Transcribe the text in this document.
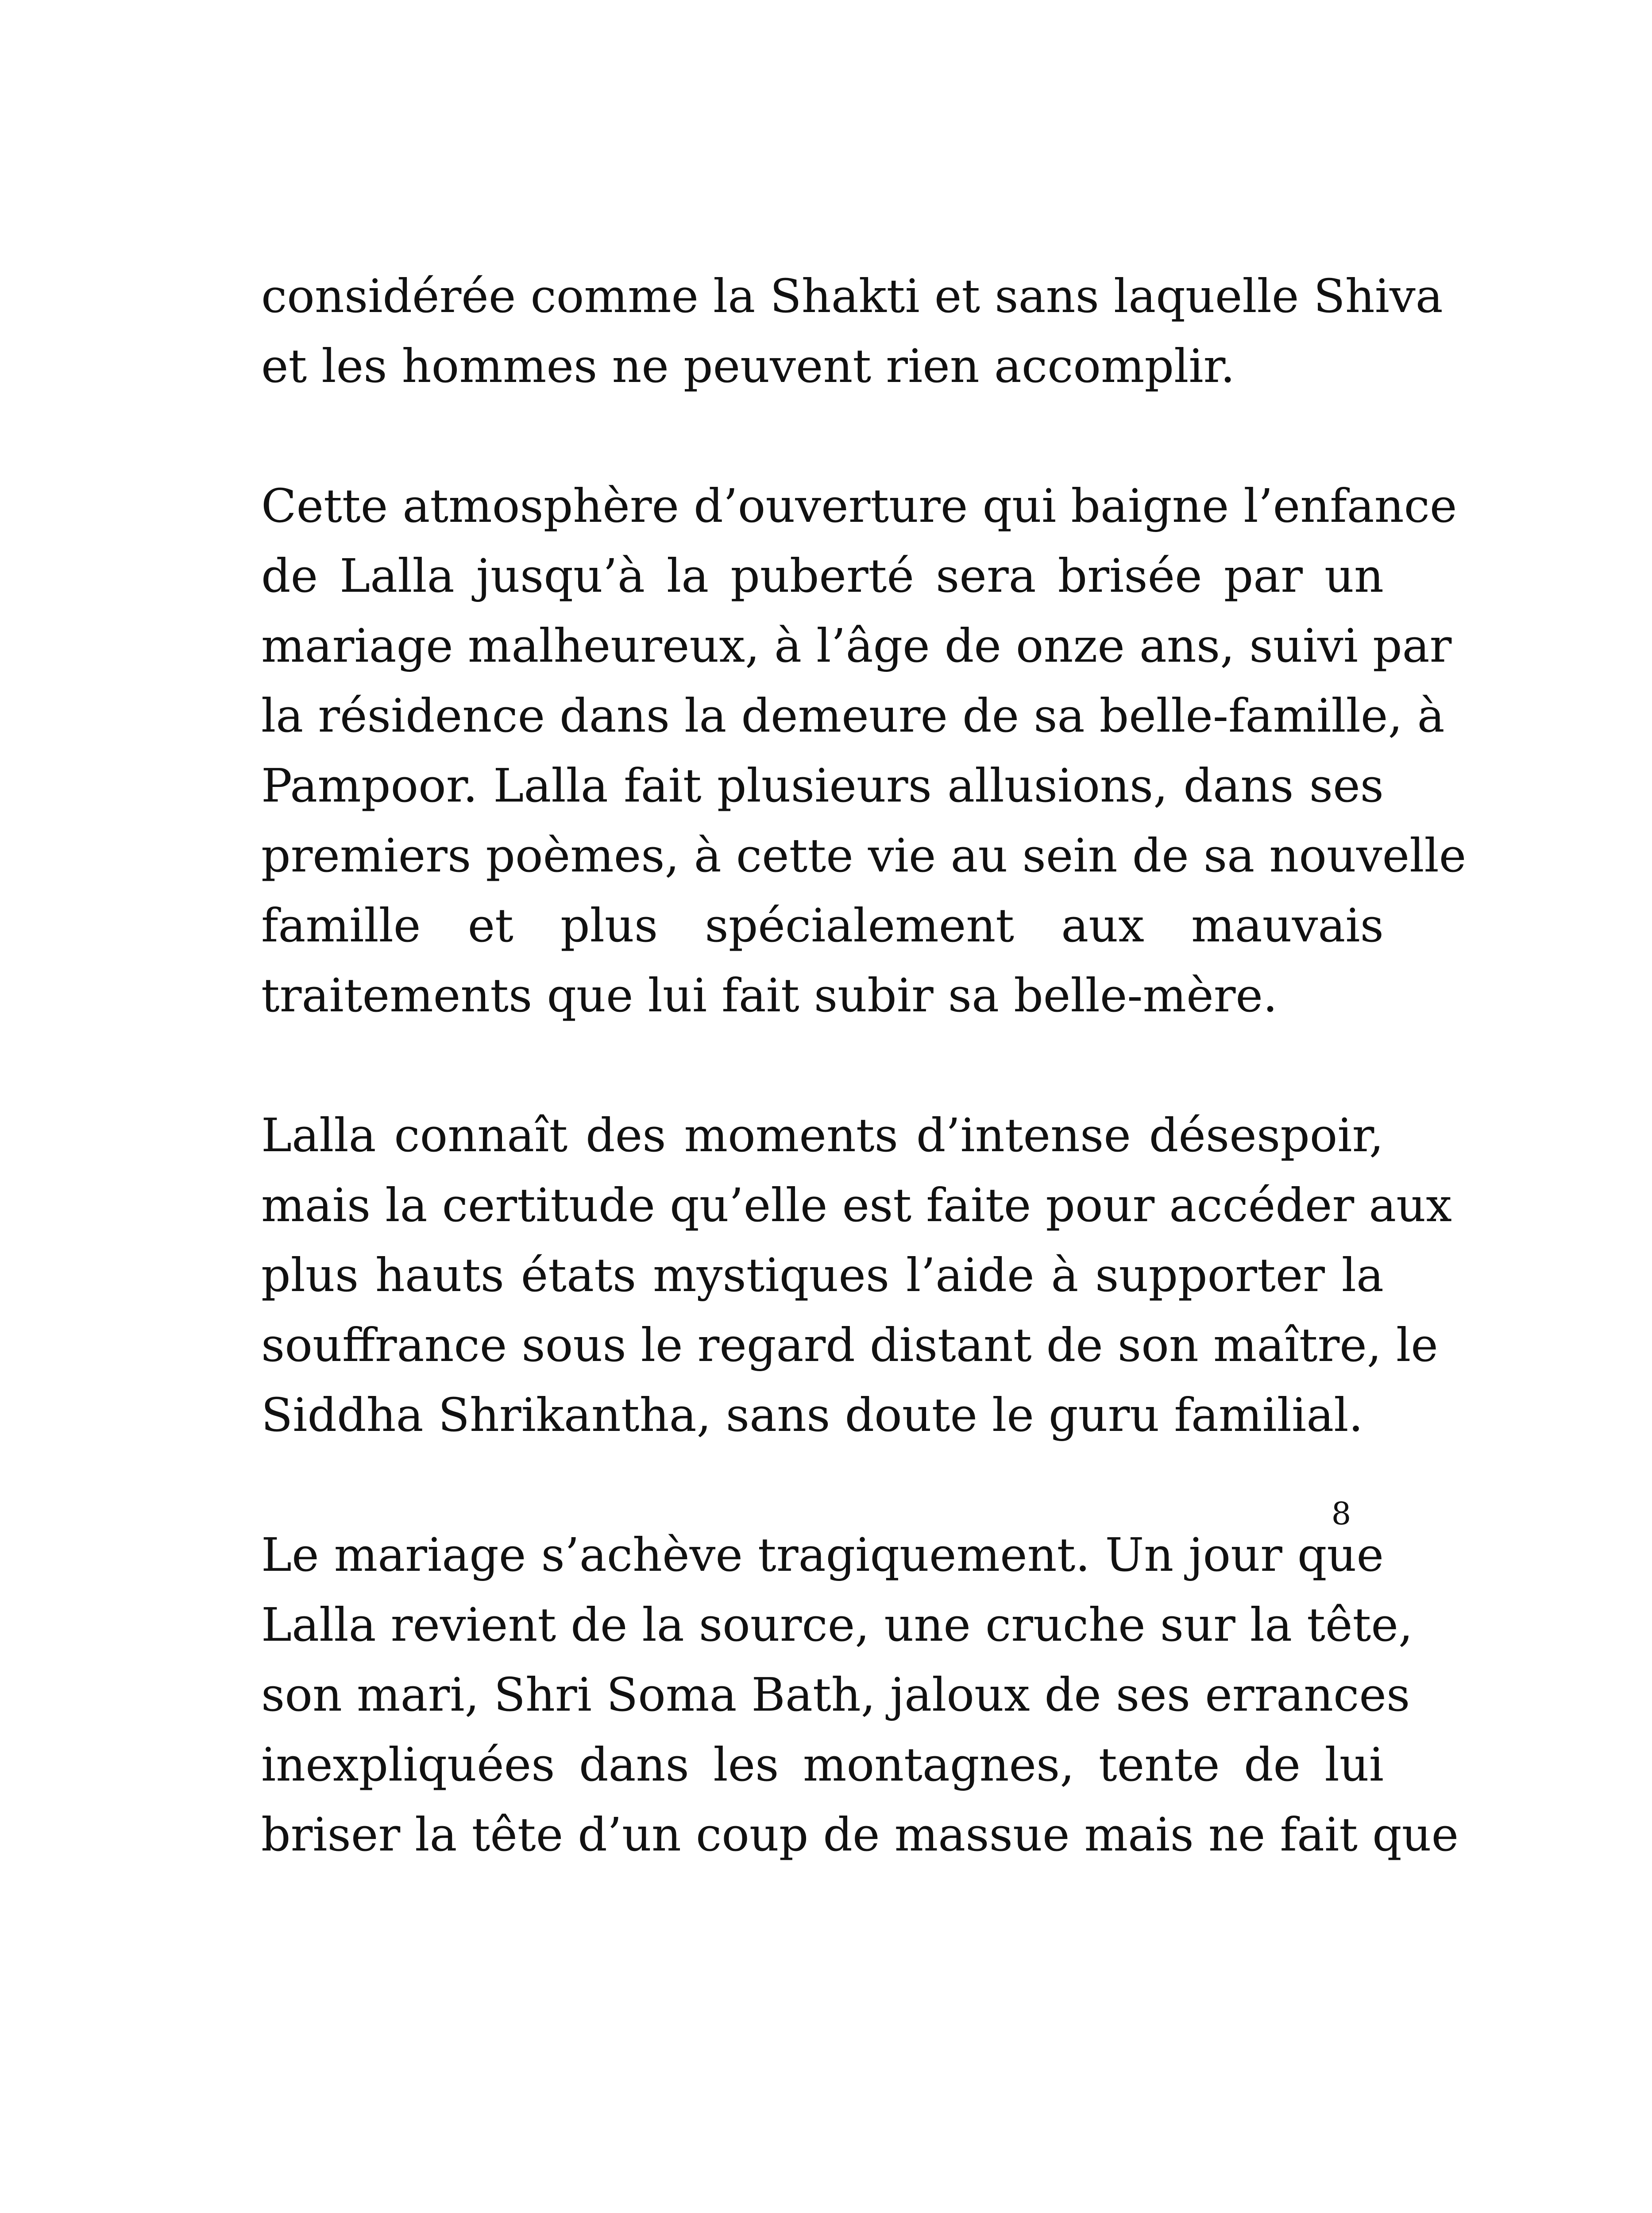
considérée comme la Shakti et sans laquelle Shiva
et les hommes ne peuvent rien accomplir.
Cette atmosphère d’ouverture qui baigne l’enfance
de Lalla jusqu’à la puberté sera brisée par un
mariage malheureux, à l’âge de onze ans, suivi par
la résidence dans la demeure de sa belle-famille, à
Pampoor. Lalla fait plusieurs allusions, dans ses
premiers poèmes, à cette vie au sein de sa nouvelle
famille et plus spécialement aux mauvais
traitements que lui fait subir sa belle-mère.
Lalla connaît des moments d’intense désespoir,
mais la certitude qu’elle est faite pour accéder aux
plus hauts états mystiques l’aide à supporter la
souffrance sous le regard distant de son maître, le
Siddha Shrikantha, sans doute le guru familial.
Le mariage s’achève tragiquement. Un jour que
Lalla revient de la source, une cruche sur la tête,
son mari, Shri Soma Bath, jaloux de ses errances
inexpliquées dans les montagnes, tente de lui
briser la tête d’un coup de massue mais ne fait que
8
